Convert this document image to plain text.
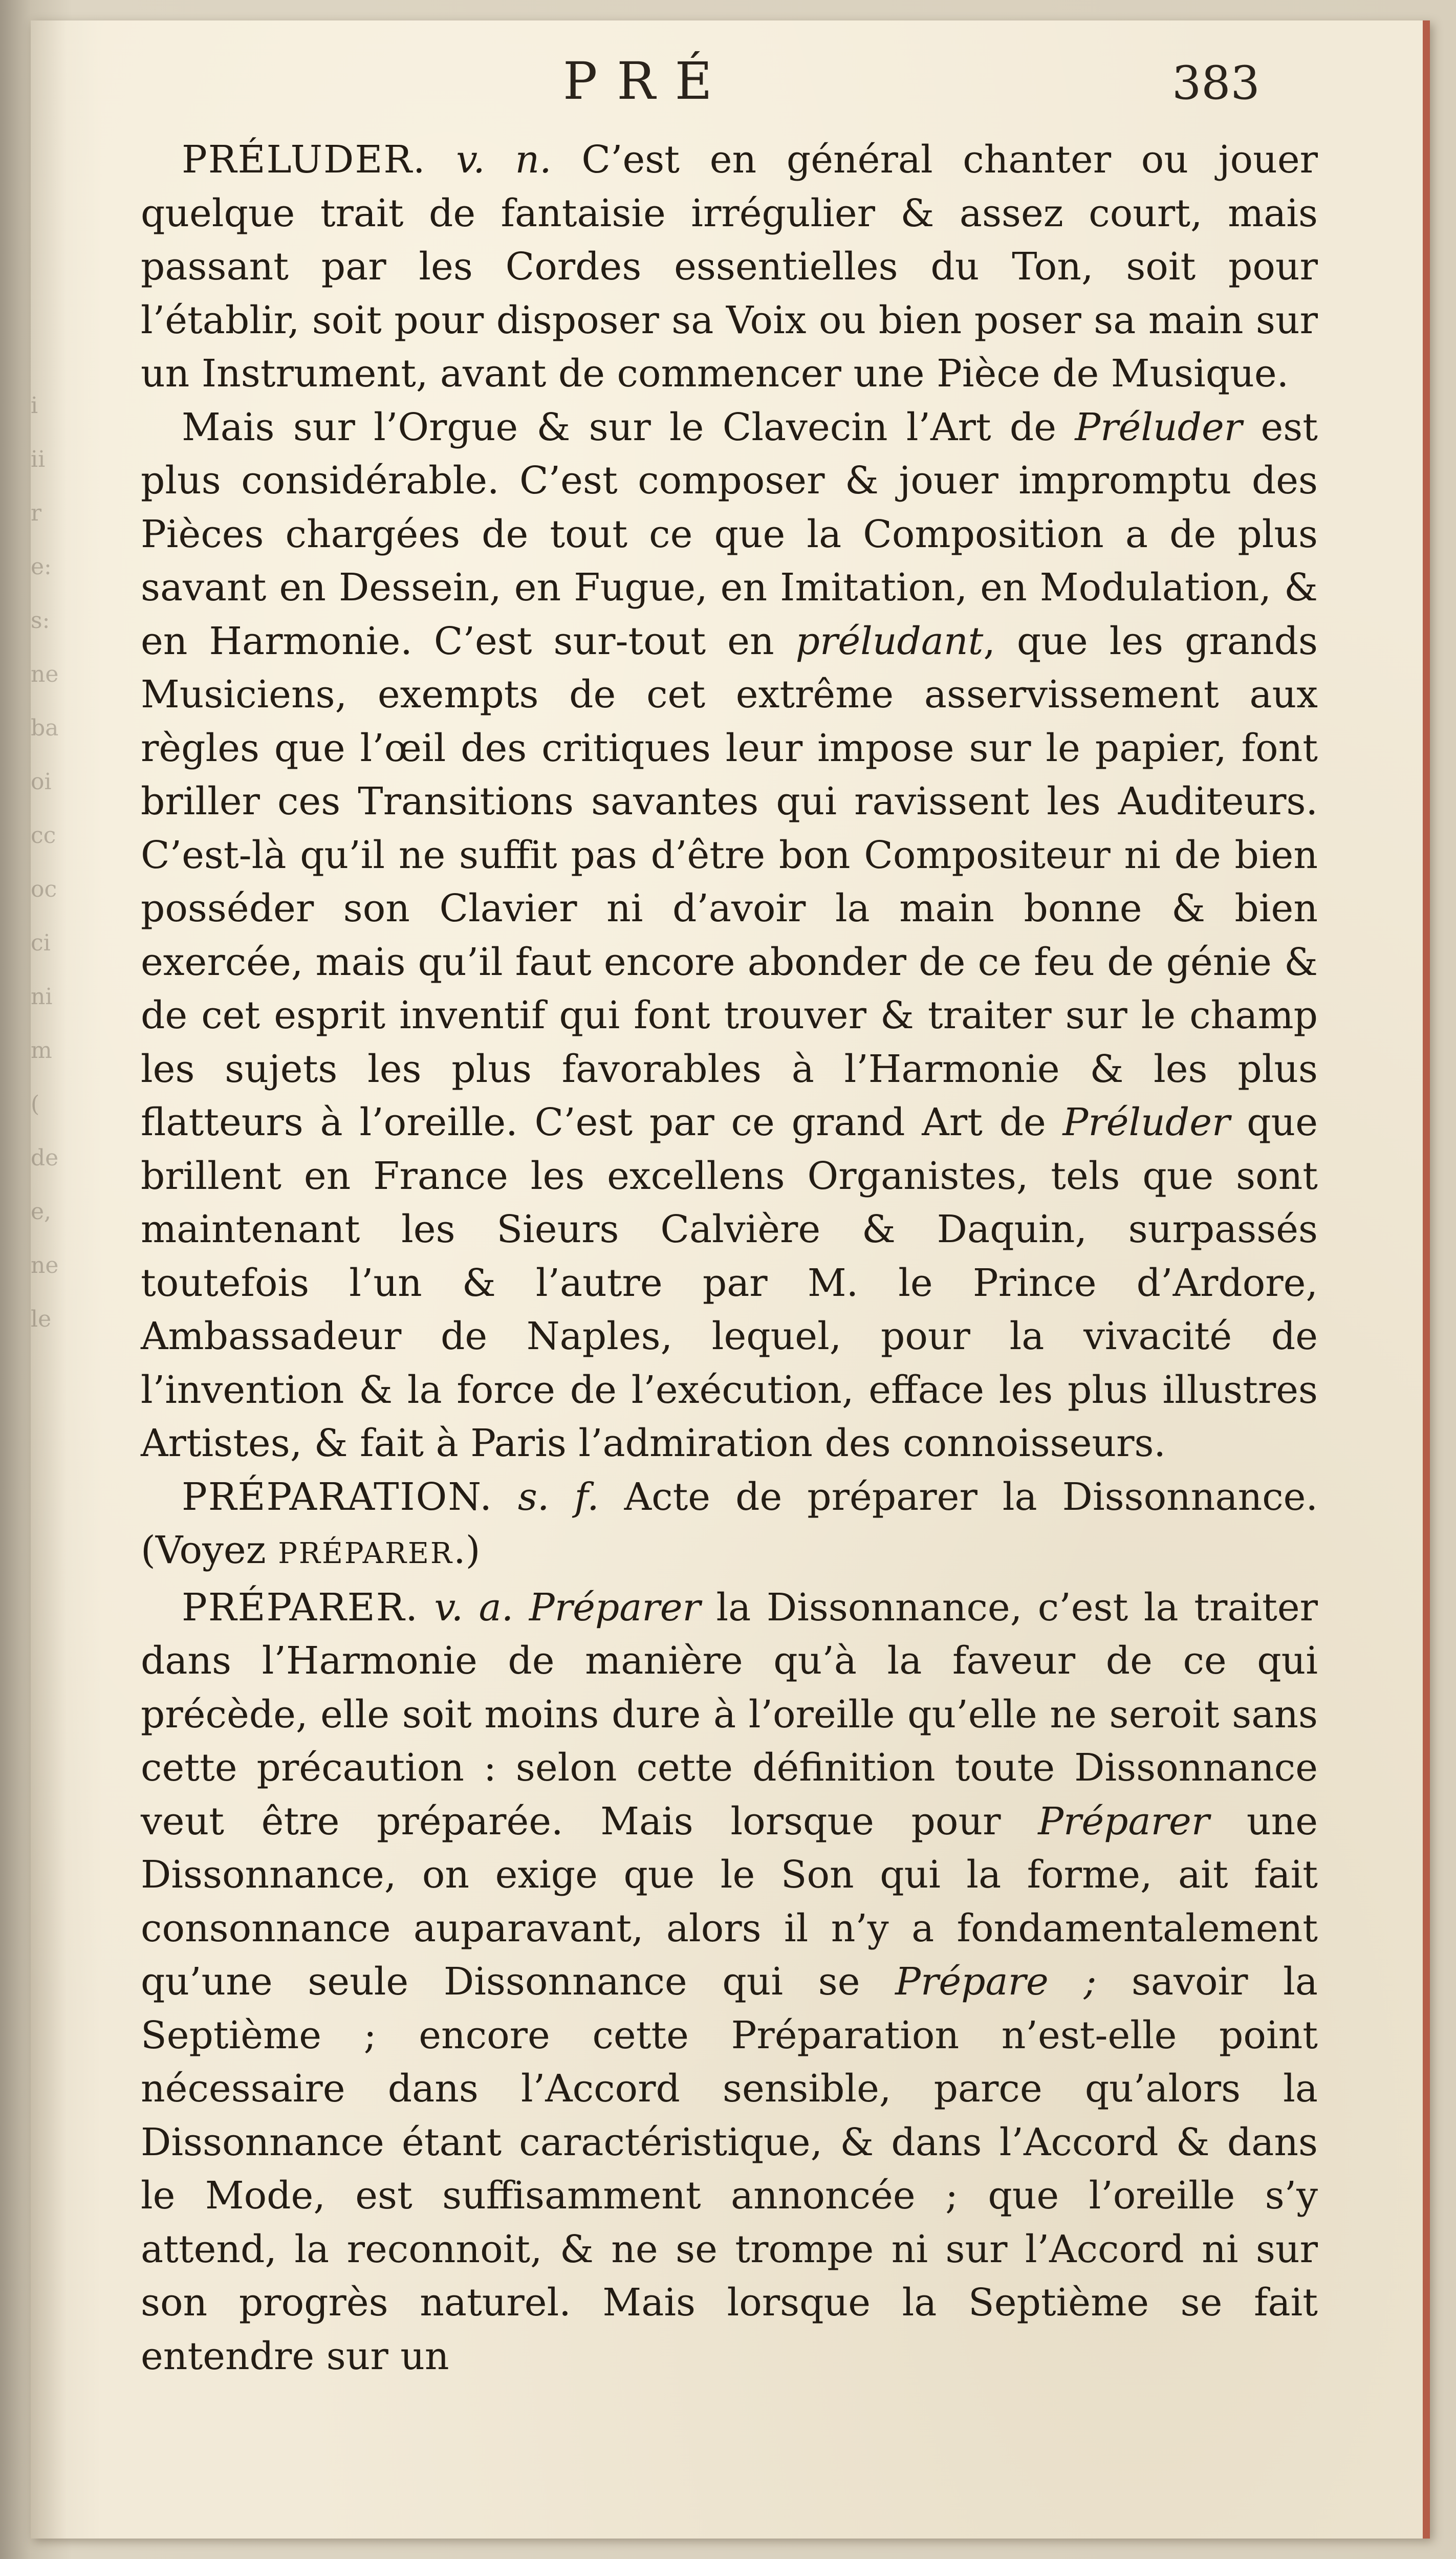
i
ii
r
e:
s:
ne
ba
oi
cc
oc
ci
ni
m
(
de
e,
ne
le
PRÉ	383

PRÉLUDER. v. n. C’est en général chanter ou jouer quelque trait de fantaisie irrégulier & assez court, mais passant par les Cordes essentielles du Ton, soit pour l’établir, soit pour disposer sa Voix ou bien poser sa main sur un Instrument, avant de commencer une Pièce de Musique.

Mais sur l’Orgue & sur le Clavecin l’Art de Préluder est plus considérable. C’est composer & jouer impromptu des Pièces chargées de tout ce que la Composition a de plus savant en Dessein, en Fugue, en Imitation, en Modulation, & en Harmonie. C’est sur-tout en préludant, que les grands Musiciens, exempts de cet extrême asservissement aux règles que l’œil des critiques leur impose sur le papier, font briller ces Transitions savantes qui ravissent les Auditeurs. C’est-là qu’il ne suffit pas d’être bon Compositeur ni de bien posséder son Clavier ni d’avoir la main bonne & bien exercée, mais qu’il faut encore abonder de ce feu de génie & de cet esprit inventif qui font trouver & traiter sur le champ les sujets les plus favorables à l’Harmonie & les plus flatteurs à l’oreille. C’est par ce grand Art de Préluder que brillent en France les excellens Organistes, tels que sont maintenant les Sieurs Calvière & Daquin, surpassés toutefois l’un & l’autre par M. le Prince d’Ardore, Ambassadeur de Naples, lequel, pour la vivacité de l’invention & la force de l’exécution, efface les plus illustres Artistes, & fait à Paris l’admiration des connoisseurs.

PRÉPARATION. s. f. Acte de préparer la Dissonnance. (Voyez PRÉPARER.)

PRÉPARER. v. a. Préparer la Dissonnance, c’est la traiter dans l’Harmonie de manière qu’à la faveur de ce qui précède, elle soit moins dure à l’oreille qu’elle ne seroit sans cette précaution : selon cette définition toute Dissonnance veut être préparée. Mais lorsque pour Préparer une Dissonnance, on exige que le Son qui la forme, ait fait consonnance auparavant, alors il n’y a fondamentalement qu’une seule Dissonnance qui se Prépare ; savoir la Septième ; encore cette Préparation n’est-elle point nécessaire dans l’Accord sensible, parce qu’alors la Dissonnance étant caractéristique, & dans l’Accord & dans le Mode, est suffisamment annoncée ; que l’oreille s’y attend, la reconnoit, & ne se trompe ni sur l’Accord ni sur son progrès naturel. Mais lorsque la Septième se fait entendre sur un
